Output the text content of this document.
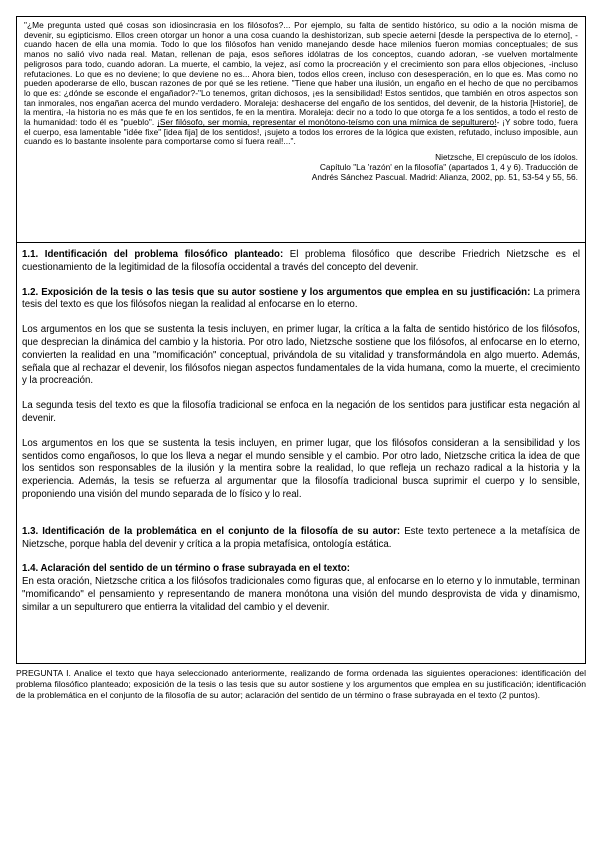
"¿Me pregunta usted qué cosas son idiosincrasia en los filósofos?... Por ejemplo, su falta de sentido histórico, su odio a la noción misma de devenir, su egipticismo. Ellos creen otorgar un honor a una cosa cuando la deshistorizan, sub specie aeterni [desde la perspectiva de lo eterno], -cuando hacen de ella una momia. Todo lo que los filósofos han venido manejando desde hace milenios fueron momias conceptuales; de sus manos no salió vivo nada real. Matan, rellenan de paja, esos señores idólatras de los conceptos, cuando adoran, -se vuelven mortalmente peligrosos para todo, cuando adoran. La muerte, el cambio, la vejez, así como la procreación y el crecimiento son para ellos objeciones, -incluso refutaciones. Lo que es no deviene; lo que deviene no es... Ahora bien, todos ellos creen, incluso con desesperación, en lo que es. Mas como no pueden apoderarse de ello, buscan razones de por qué se les retiene. "Tiene que haber una ilusión, un engaño en el hecho de que no percibamos lo que es: ¿dónde se esconde el engañador?-"Lo tenemos, gritan dichosos, ¡es la sensibilidad! Estos sentidos, que también en otros aspectos son tan inmorales, nos engañan acerca del mundo verdadero. Moraleja: deshacerse del engaño de los sentidos, del devenir, de la historia [Historie], de la mentira, -la historia no es más que fe en los sentidos, fe en la mentira. Moraleja: decir no a todo lo que otorga fe a los sentidos, a todo el resto de la humanidad: todo él es "pueblo". ¡Ser filósofo, ser momia, representar el monótono-teísmo con una mímica de sepulturero!- ¡Y sobre todo, fuera el cuerpo, esa lamentable "idée fixe" [idea fija] de los sentidos!, ¡sujeto a todos los errores de la lógica que existen, refutado, incluso imposible, aun cuando es lo bastante insolente para comportarse como si fuera real!...".

Nietzsche, El crepúsculo de los ídolos.
Capítulo "La 'razón' en la filosofía" (apartados 1, 4 y 6). Traducción de
Andrés Sánchez Pascual. Madrid: Alianza, 2002, pp. 51, 53-54 y 55, 56.

1.1. Identificación del problema filosófico planteado: El problema filosófico que describe Friedrich Nietzsche es el cuestionamiento de la legitimidad de la filosofía occidental a través del concepto del devenir.

1.2. Exposición de la tesis o las tesis que su autor sostiene y los argumentos que emplea en su justificación: La primera tesis del texto es que los filósofos niegan la realidad al enfocarse en lo eterno.

Los argumentos en los que se sustenta la tesis incluyen, en primer lugar, la crítica a la falta de sentido histórico de los filósofos, que desprecian la dinámica del cambio y la historia. Por otro lado, Nietzsche sostiene que los filósofos, al enfocarse en lo eterno, convierten la realidad en una "momificación" conceptual, privándola de su vitalidad y transformándola en algo muerto. Además, señala que al rechazar el devenir, los filósofos niegan aspectos fundamentales de la vida humana, como la muerte, el crecimiento y la procreación.

La segunda tesis del texto es que la filosofía tradicional se enfoca en la negación de los sentidos para justificar esta negación al devenir.

Los argumentos en los que se sustenta la tesis incluyen, en primer lugar, que los filósofos consideran a la sensibilidad y los sentidos como engañosos, lo que los lleva a negar el mundo sensible y el cambio. Por otro lado, Nietzsche critica la idea de que los sentidos son responsables de la ilusión y la mentira sobre la realidad, lo que refleja un rechazo radical a la historia y la experiencia. Además, la tesis se refuerza al argumentar que la filosofía tradicional busca suprimir el cuerpo y lo sensible, proponiendo una visión del mundo separada de lo físico y lo real.

1.3. Identificación de la problemática en el conjunto de la filosofía de su autor: Este texto pertenece a la metafísica de Nietzsche, porque habla del devenir y crítica a la propia metafísica, ontología estática.

1.4. Aclaración del sentido de un término o frase subrayada en el texto:
En esta oración, Nietzsche critica a los filósofos tradicionales como figuras que, al enfocarse en lo eterno y lo inmutable, terminan "momificando" el pensamiento y representando de manera monótona una visión del mundo desprovista de vida y dinamismo, similar a un sepulturero que entierra la vitalidad del cambio y el devenir.

PREGUNTA I. Analice el texto que haya seleccionado anteriormente, realizando de forma ordenada las siguientes operaciones: identificación del problema filosófico planteado; exposición de la tesis o las tesis que su autor sostiene y los argumentos que emplea en su justificación; identificación de la problemática en el conjunto de la filosofía de su autor; aclaración del sentido de un término o frase subrayada en el texto (2 puntos).
